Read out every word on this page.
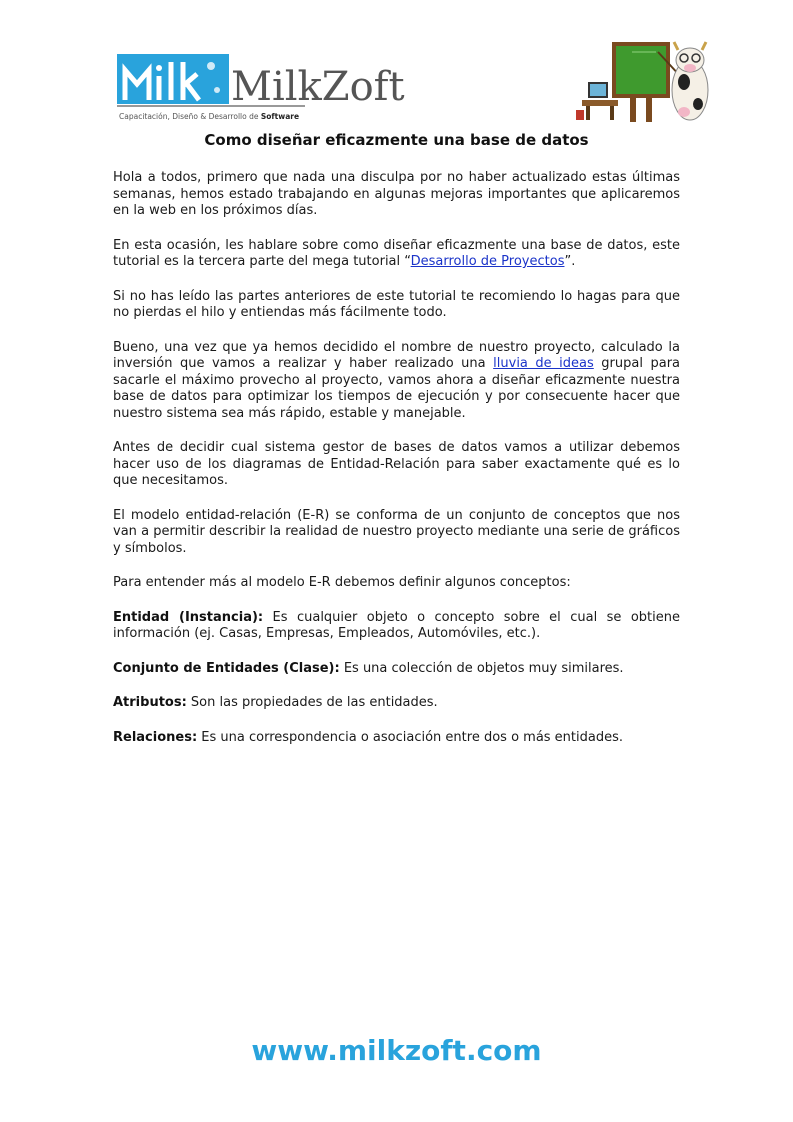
MilkZoft
Capacitación, Diseño & Desarrollo de Software
Como diseñar eficazmente una base de datos

Hola a todos, primero que nada una disculpa por no haber actualizado estas últimas semanas, hemos estado trabajando en algunas mejoras importantes que aplicaremos en la web en los próximos días.

En esta ocasión, les hablare sobre como diseñar eficazmente una base de datos, este tutorial es la tercera parte del mega tutorial “Desarrollo de Proyectos”.

Si no has leído las partes anteriores de este tutorial te recomiendo lo hagas para que no pierdas el hilo y entiendas más fácilmente todo.

Bueno, una vez que ya hemos decidido el nombre de nuestro proyecto, calculado la inversión que vamos a realizar y haber realizado una lluvia de ideas grupal para sacarle el máximo provecho al proyecto, vamos ahora a diseñar eficazmente nuestra base de datos para optimizar los tiempos de ejecución y por consecuente hacer que nuestro sistema sea más rápido, estable y manejable.

Antes de decidir cual sistema gestor de bases de datos vamos a utilizar debemos hacer uso de los diagramas de Entidad-Relación para saber exactamente qué es lo que necesitamos.

El modelo entidad-relación (E-R) se conforma de un conjunto de conceptos que nos van a permitir describir la realidad de nuestro proyecto mediante una serie de gráficos y símbolos.

Para entender más al modelo E-R debemos definir algunos conceptos:

Entidad (Instancia): Es cualquier objeto o concepto sobre el cual se obtiene información (ej. Casas, Empresas, Empleados, Automóviles, etc.).

Conjunto de Entidades (Clase): Es una colección de objetos muy similares.

Atributos: Son las propiedades de las entidades.

Relaciones: Es una correspondencia o asociación entre dos o más entidades.

www.milkzoft.com
